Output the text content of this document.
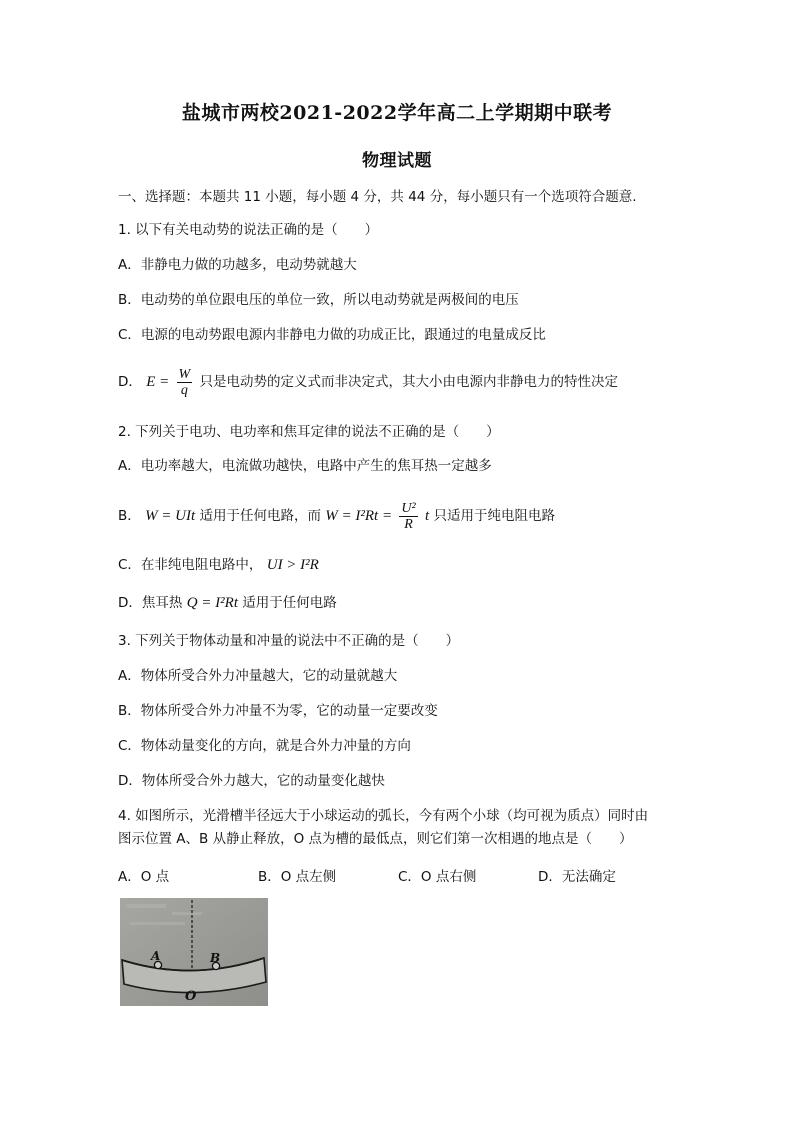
盐城市两校2021-2022学年高二上学期期中联考
物理试题
一、选择题：本题共 11 小题，每小题 4 分，共 44 分，每小题只有一个选项符合题意.
1. 以下有关电动势的说法正确的是（　　）
A．非静电力做的功越多，电动势就越大
B．电动势的单位跟电压的单位一致，所以电动势就是两极间的电压
C．电源的电动势跟电源内非静电力做的功成正比，跟通过的电量成反比
D． $E = \frac{W}{q}$ 只是电动势的定义式而非决定式，其大小由电源内非静电力的特性决定
2. 下列关于电功、电功率和焦耳定律的说法不正确的是（　　）
A．电功率越大，电流做功越快，电路中产生的焦耳热一定越多
B． W = UIt 适用于任何电路，而 $W = I^2Rt = \frac{\text{U²}}{R}$ t 只适用于纯电阻电路
C．在非纯电阻电路中， UI > I²R
D．焦耳热 Q = I²Rt 适用于任何电路
3. 下列关于物体动量和冲量的说法中不正确的是（　　）
A．物体所受合外力冲量越大，它的动量就越大
B．物体所受合外力冲量不为零，它的动量一定要改变
C．物体动量变化的方向，就是合外力冲量的方向
D．物体所受合外力越大，它的动量变化越快
4. 如图所示，光滑槽半径远大于小球运动的弧长，今有两个小球（均可视为质点）同时由
图示位置 A、B 从静止释放，O 点为槽的最低点，则它们第一次相遇的地点是（　　）
A．O 点	B．O 点左侧	C．O 点右侧	D．无法确定
A	B
O
